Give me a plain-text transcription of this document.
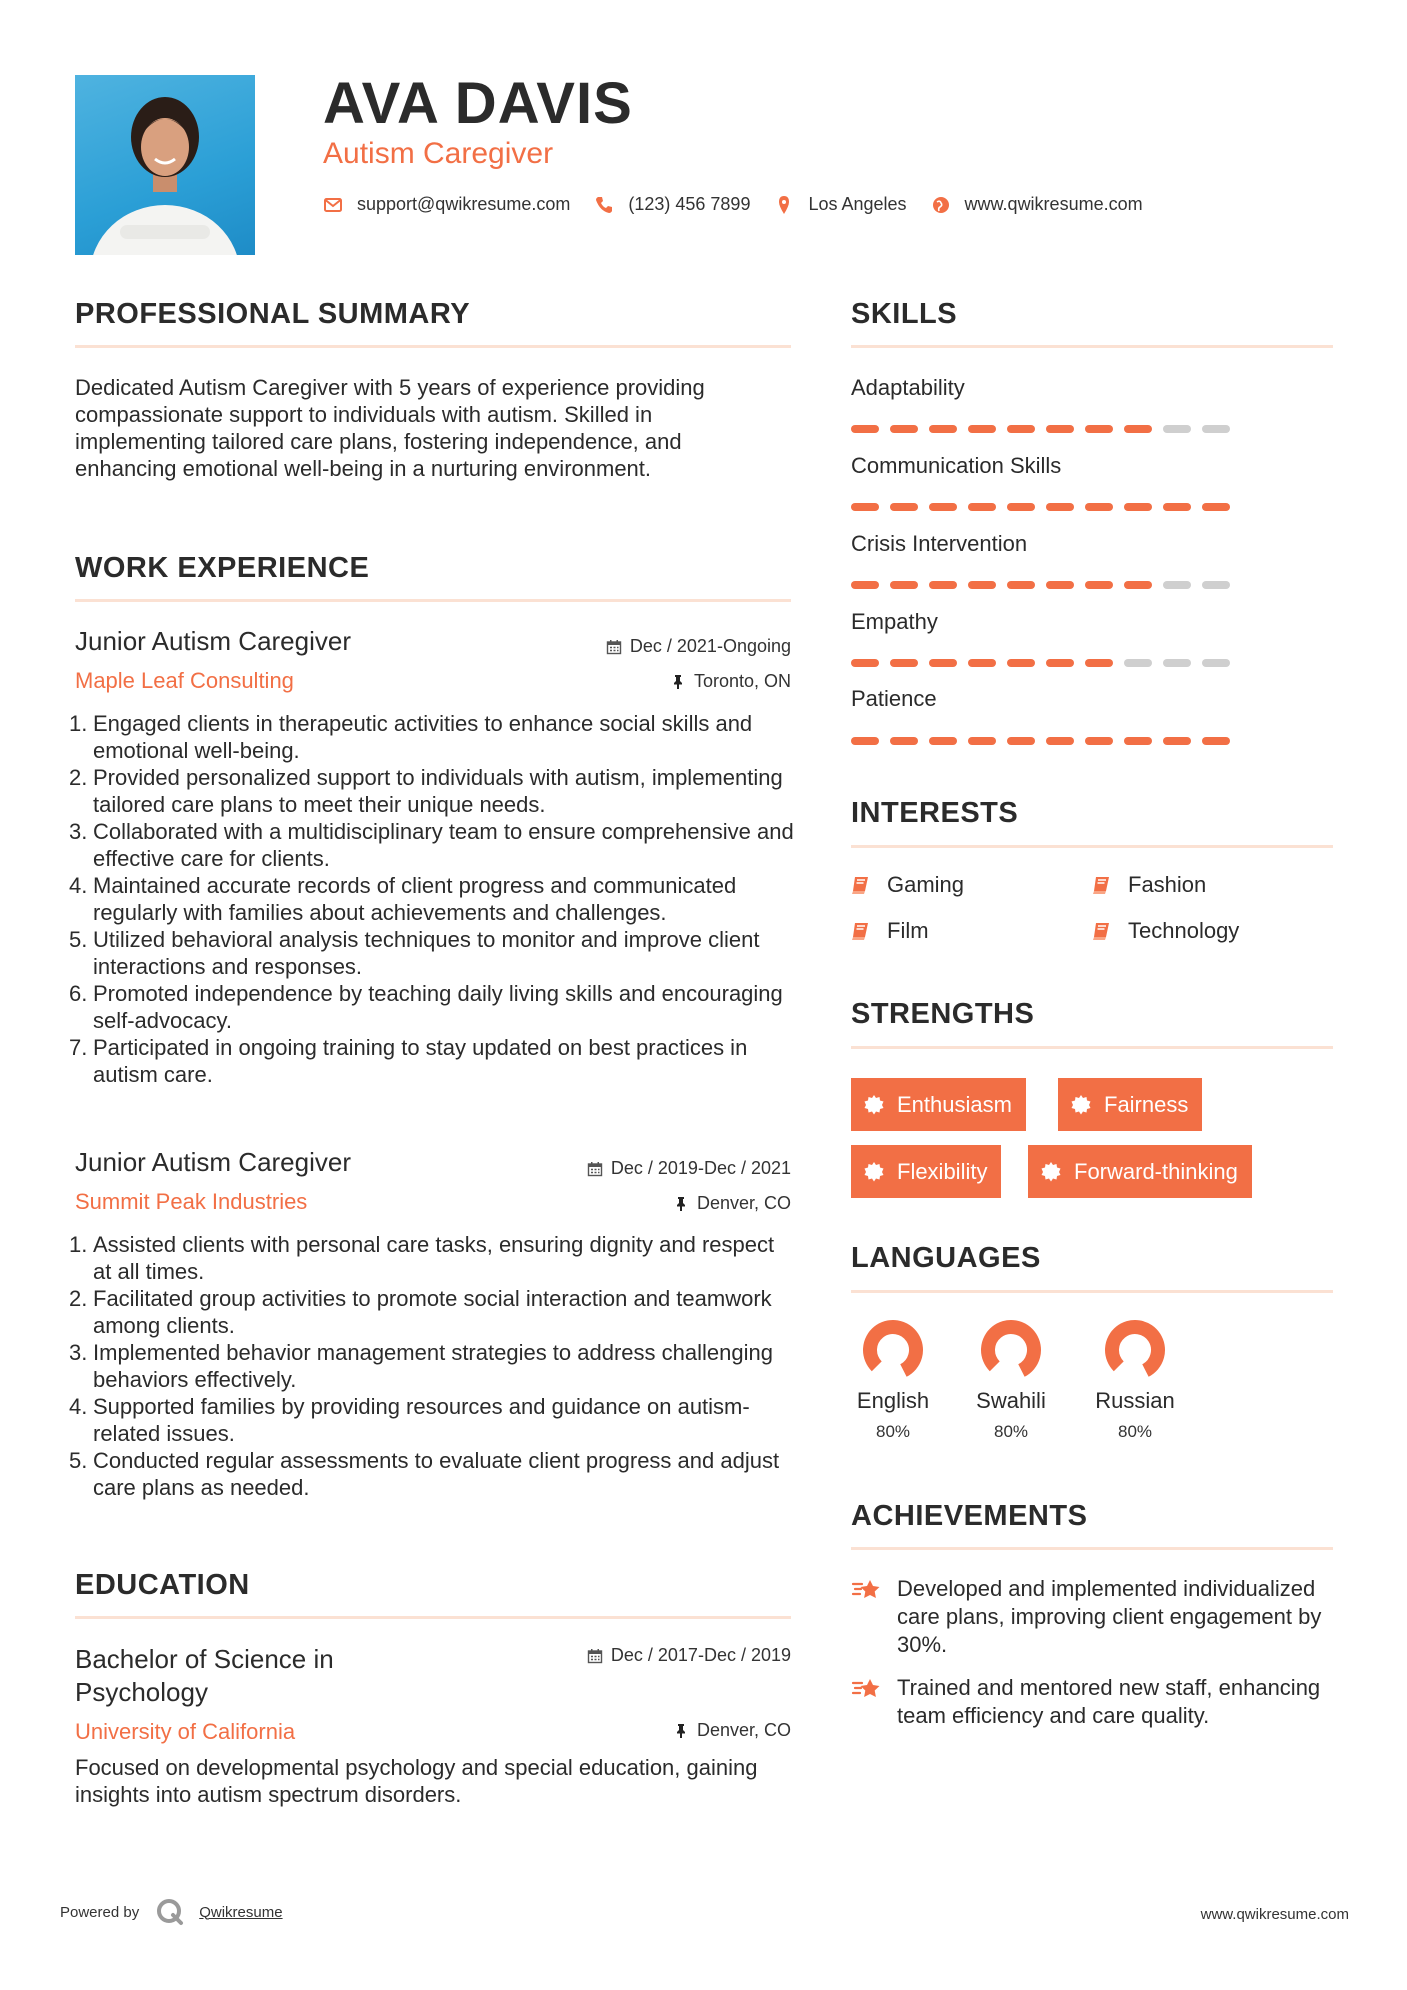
AVA DAVIS
Autism Caregiver
support@qwikresume.com	(123) 456 7899	Los Angeles	www.qwikresume.com
PROFESSIONAL SUMMARY
Dedicated Autism Caregiver with 5 years of experience providing compassionate support to individuals with autism. Skilled in implementing tailored care plans, fostering independence, and enhancing emotional well-being in a nurturing environment.
WORK EXPERIENCE
Junior Autism Caregiver
Maple Leaf Consulting
Dec / 2021-Ongoing
Toronto, ON
1. Engaged clients in therapeutic activities to enhance social skills and emotional well-being.
2. Provided personalized support to individuals with autism, implementing tailored care plans to meet their unique needs.
3. Collaborated with a multidisciplinary team to ensure comprehensive and effective care for clients.
4. Maintained accurate records of client progress and communicated regularly with families about achievements and challenges.
5. Utilized behavioral analysis techniques to monitor and improve client interactions and responses.
6. Promoted independence by teaching daily living skills and encouraging self-advocacy.
7. Participated in ongoing training to stay updated on best practices in autism care.
Junior Autism Caregiver
Summit Peak Industries
Dec / 2019-Dec / 2021
Denver, CO
1. Assisted clients with personal care tasks, ensuring dignity and respect at all times.
2. Facilitated group activities to promote social interaction and teamwork among clients.
3. Implemented behavior management strategies to address challenging behaviors effectively.
4. Supported families by providing resources and guidance on autism-related issues.
5. Conducted regular assessments to evaluate client progress and adjust care plans as needed.
EDUCATION
Bachelor of Science in Psychology
University of California
Dec / 2017-Dec / 2019
Denver, CO
Focused on developmental psychology and special education, gaining insights into autism spectrum disorders.
SKILLS
Adaptability
Communication Skills
Crisis Intervention
Empathy
Patience
INTERESTS
Gaming	Fashion
Film	Technology
STRENGTHS
Enthusiasm	Fairness
Flexibility	Forward-thinking
LANGUAGES
English
80%
Swahili
80%
Russian
80%
ACHIEVEMENTS
Developed and implemented individualized care plans, improving client engagement by 30%.
Trained and mentored new staff, enhancing team efficiency and care quality.
Powered by	Qwikresume	www.qwikresume.com
